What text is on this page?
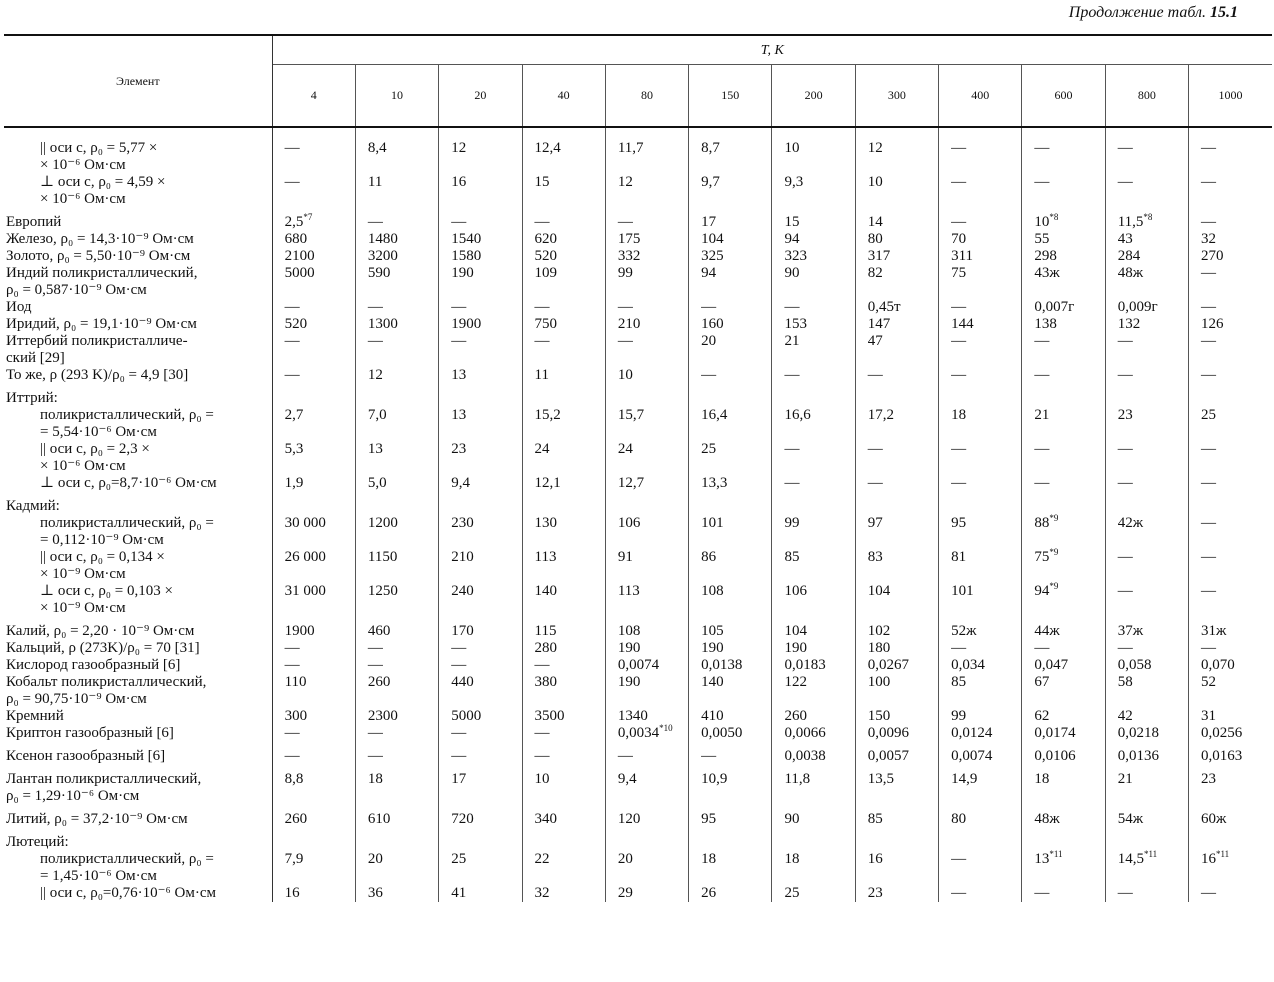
Продолжение табл. 15.1
Элемент	T, K											
	4	10	20	40	80	150	200	300	400	600	800	1000
|| оси c, ρ₀ = 5,77 ×
× 10⁻⁶ Ом·см	—	8,4	12	12,4	11,7	8,7	10	12	—	—	—	—
⊥ оси c, ρ₀ = 4,59 ×
× 10⁻⁶ Ом·см	—	11	16	15	12	9,7	9,3	10	—	—	—	—
Европий	2,5$^{*7}$	—	—	—	—	17	15	14	—	10$^{*8}$	11,5$^{*8}$	—
Железо, ρ₀ = 14,3·10⁻⁹ Ом·см	680	1480	1540	620	175	104	94	80	70	55	43	32
Золото, ρ₀ = 5,50·10⁻⁹ Ом·см	2100	3200	1580	520	332	325	323	317	311	298	284	270
Индий поликристаллический,
ρ₀ = 0,587·10⁻⁹ Ом·см	5000	590	190	109	99	94	90	82	75	43ж	48ж	—
Иод	—	—	—	—	—	—	—	0,45т	—	0,007г	0,009г	—
Иридий, ρ₀ = 19,1·10⁻⁹ Ом·см	520	1300	1900	750	210	160	153	147	144	138	132	126
Иттербий поликристалличе-
ский [29]	—	—	—	—	—	20	21	47	—	—	—	—
То же, ρ (293 K)/ρ₀ = 4,9 [30]	—	12	13	11	10	—	—	—	—	—	—	—
Иттрий:												
поликристаллический, ρ₀ =
= 5,54·10⁻⁶ Ом·см	2,7	7,0	13	15,2	15,7	16,4	16,6	17,2	18	21	23	25
|| оси c, ρ₀ = 2,3 ×
× 10⁻⁶ Ом·см	5,3	13	23	24	24	25	—	—	—	—	—	—
⊥ оси c, ρ₀=8,7·10⁻⁶ Ом·см	1,9	5,0	9,4	12,1	12,7	13,3	—	—	—	—	—	—
Кадмий:												
поликристаллический, ρ₀ =
= 0,112·10⁻⁹ Ом·см	30 000	1200	230	130	106	101	99	97	95	88$^{*9}$	42ж	—
|| оси c, ρ₀ = 0,134 ×
× 10⁻⁹ Ом·см	26 000	1150	210	113	91	86	85	83	81	75$^{*9}$	—	—
⊥ оси c, ρ₀ = 0,103 ×
× 10⁻⁹ Ом·см	31 000	1250	240	140	113	108	106	104	101	94$^{*9}$	—	—
Калий, ρ₀ = 2,20 · 10⁻⁹ Ом·см	1900	460	170	115	108	105	104	102	52ж	44ж	37ж	31ж
Кальций, ρ (273K)/ρ₀ = 70 [31]	—	—	—	280	190	190	190	180	—	—	—	—
Кислород газообразный [6]	—	—	—	—	0,0074	0,0138	0,0183	0,0267	0,034	0,047	0,058	0,070
Кобальт поликристаллический,
ρ₀ = 90,75·10⁻⁹ Ом·см	110	260	440	380	190	140	122	100	85	67	58	52
Кремний	300	2300	5000	3500	1340	410	260	150	99	62	42	31
Криптон газообразный [6]	—	—	—	—	0,0034$^{*10}$	0,0050	0,0066	0,0096	0,0124	0,0174	0,0218	0,0256
Ксенон газообразный [6]	—	—	—	—	—	—	0,0038	0,0057	0,0074	0,0106	0,0136	0,0163
Лантан поликристаллический,
ρ₀ = 1,29·10⁻⁶ Ом·см	8,8	18	17	10	9,4	10,9	11,8	13,5	14,9	18	21	23
Литий, ρ₀ = 37,2·10⁻⁹ Ом·см	260	610	720	340	120	95	90	85	80	48ж	54ж	60ж
Лютеций:												
поликристаллический, ρ₀ =
= 1,45·10⁻⁶ Ом·см	7,9	20	25	22	20	18	18	16	—	13$^{*11}$	14,5$^{*11}$	16$^{*11}$
|| оси c, ρ₀=0,76·10⁻⁶ Ом·см	16	36	41	32	29	26	25	23	—	—	—	—
